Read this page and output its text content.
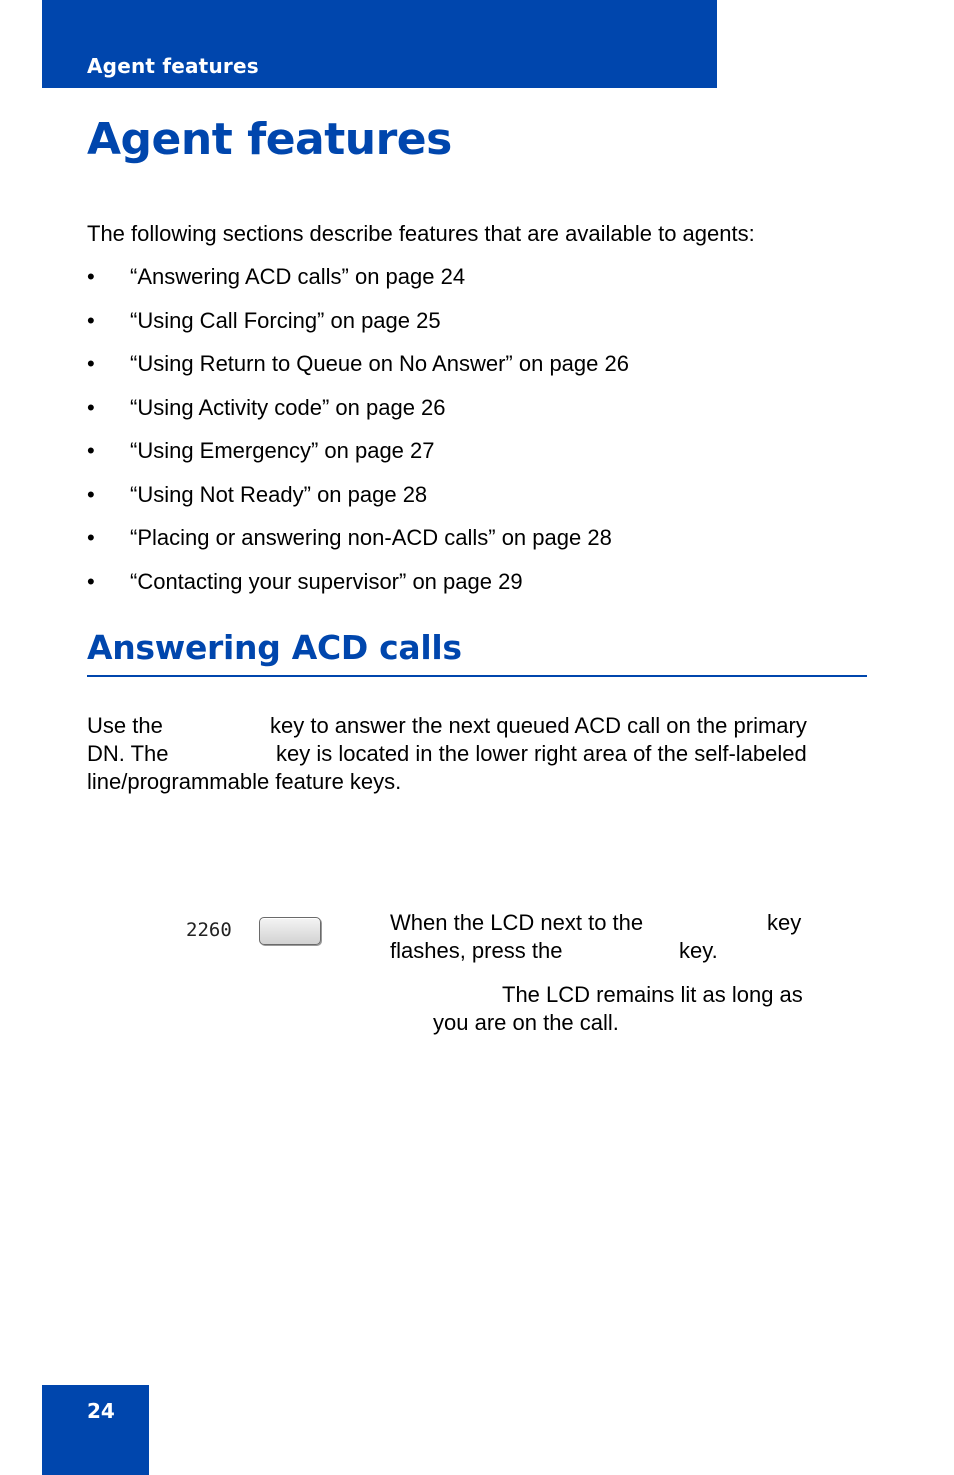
Agent features
Agent features

The following sections describe features that are available to agents:

• “Answering ACD calls” on page 24
• “Using Call Forcing” on page 25
• “Using Return to Queue on No Answer” on page 26
• “Using Activity code” on page 26
• “Using Emergency” on page 27
• “Using Not Ready” on page 28
• “Placing or answering non-ACD calls” on page 28
• “Contacting your supervisor” on page 29
Answering ACD calls
Use the	key to answer the next queued ACD call on the primary
DN. The	key is located in the lower right area of the self-labeled
line/programmable feature keys.
2260	When the LCD next to the	key
flashes, press the	key.
The LCD remains lit as long as
you are on the call.
24
